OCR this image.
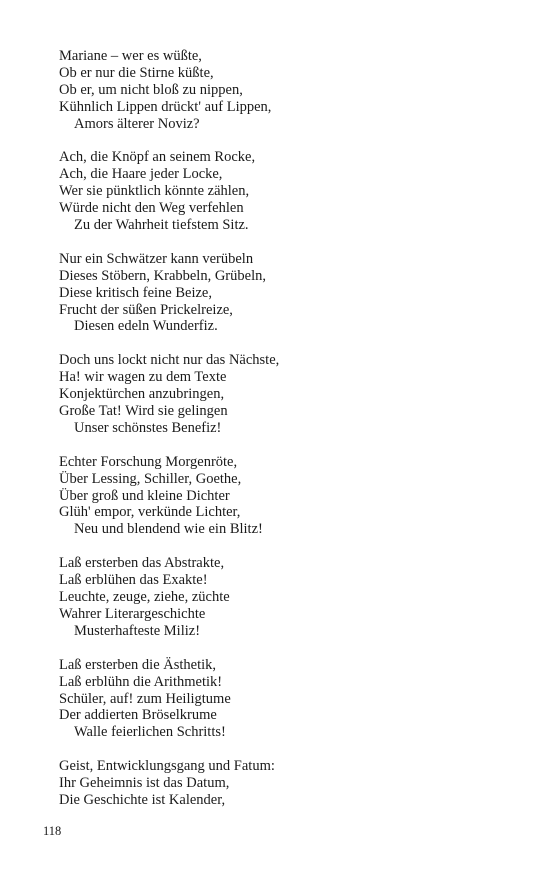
Mariane – wer es wüßte,
Ob er nur die Stirne küßte,
Ob er, um nicht bloß zu nippen,
Kühnlich Lippen drückt' auf Lippen,
Amors älterer Noviz?
Ach, die Knöpf an seinem Rocke,
Ach, die Haare jeder Locke,
Wer sie pünktlich könnte zählen,
Würde nicht den Weg verfehlen
Zu der Wahrheit tiefstem Sitz.
Nur ein Schwätzer kann verübeln
Dieses Stöbern, Krabbeln, Grübeln,
Diese kritisch feine Beize,
Frucht der süßen Prickelreize,
Diesen edeln Wunderfiz.
Doch uns lockt nicht nur das Nächste,
Ha! wir wagen zu dem Texte
Konjektürchen anzubringen,
Große Tat! Wird sie gelingen
Unser schönstes Benefiz!
Echter Forschung Morgenröte,
Über Lessing, Schiller, Goethe,
Über groß und kleine Dichter
Glüh' empor, verkünde Lichter,
Neu und blendend wie ein Blitz!
Laß ersterben das Abstrakte,
Laß erblühen das Exakte!
Leuchte, zeuge, ziehe, züchte
Wahrer Literargeschichte
Musterhafteste Miliz!
Laß ersterben die Ästhetik,
Laß erblühn die Arithmetik!
Schüler, auf! zum Heiligtume
Der addierten Bröselkrume
Walle feierlichen Schritts!
Geist, Entwicklungsgang und Fatum:
Ihr Geheimnis ist das Datum,
Die Geschichte ist Kalender,
118
